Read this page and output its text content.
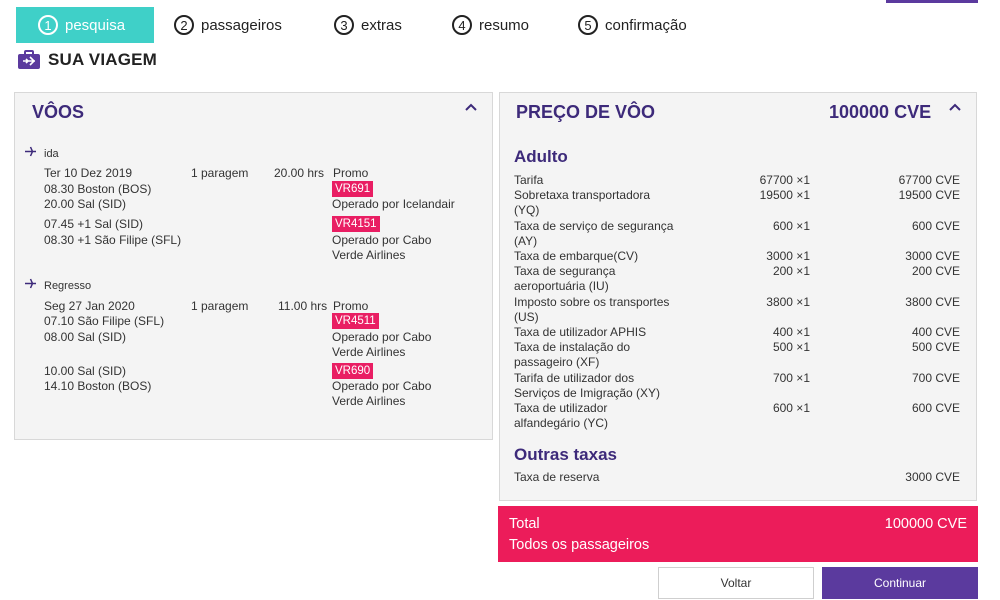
1 pesquisa	2 passageiros	3 extras	4 resumo	5 confirmação
SUA VIAGEM
VÔOS
ida
Ter 10 Dez 2019	1 paragem 20.00 hrs Promo
08.30 Boston (BOS)
20.00 Sal (SID)
VR691
Operado por Icelandair
07.45 +1 Sal (SID)
08.30 +1 São Filipe (SFL)
VR4151
Operado por Cabo
Verde Airlines
Regresso
Seg 27 Jan 2020	1 paragem 11.00 hrs Promo
07.10 São Filipe (SFL)
08.00 Sal (SID)
VR4511
Operado por Cabo
Verde Airlines
10.00 Sal (SID)
14.10 Boston (BOS)
VR690
Operado por Cabo
Verde Airlines
PREÇO DE VÔO	100000 CVE
Adulto
Tarifa	67700 ×1	67700 CVE
Sobretaxa transportadora
(YQ)
19500 ×1	19500 CVE
Taxa de serviço de segurança
(AY)
600 ×1	600 CVE
Taxa de embarque(CV)	3000 ×1	3000 CVE
Taxa de segurança
aeroportuária (IU)
200 ×1	200 CVE
Imposto sobre os transportes
(US)
3800 ×1	3800 CVE
Taxa de utilizador APHIS	400 ×1	400 CVE
Taxa de instalação do
passageiro (XF)
500 ×1	500 CVE
Tarifa de utilizador dos
Serviços de Imigração (XY)
700 ×1	700 CVE
Taxa de utilizador
alfandegário (YC)
600 ×1	600 CVE
Outras taxas
Taxa de reserva	3000 CVE
Total
Todos os passageiros
100000 CVE
Voltar	Continuar
